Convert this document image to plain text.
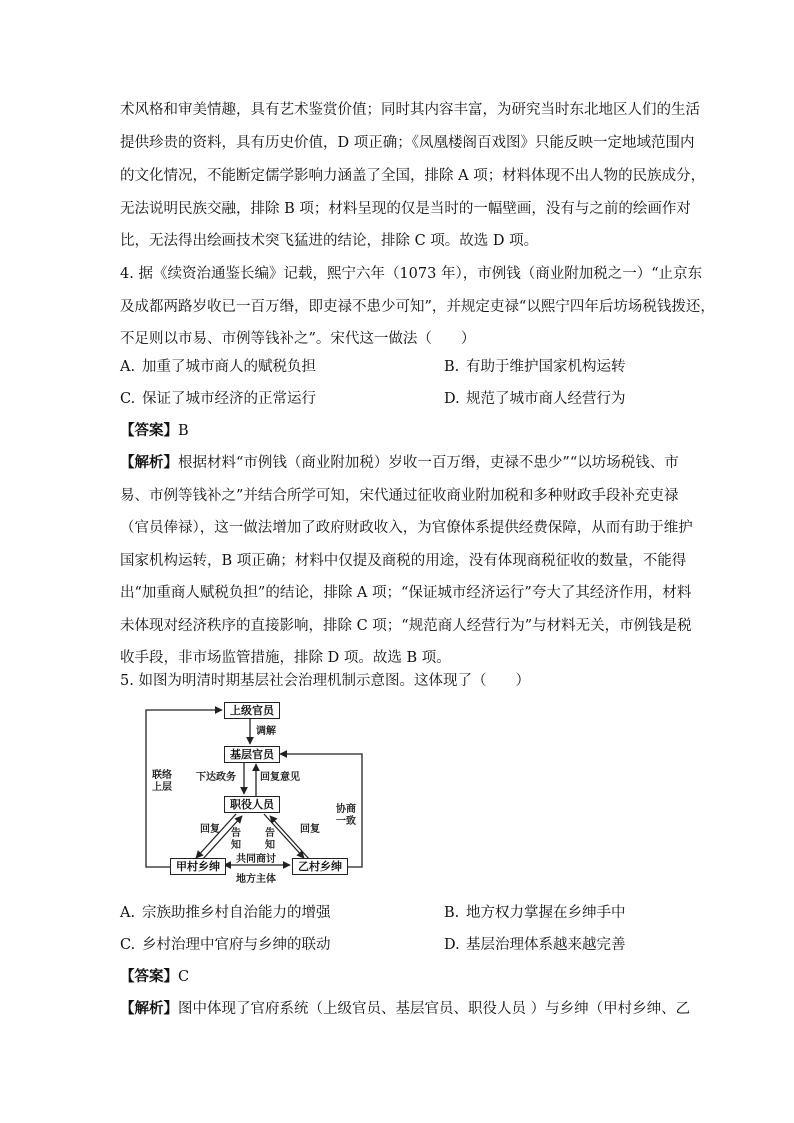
术风格和审美情趣，具有艺术鉴赏价值；同时其内容丰富，为研究当时东北地区人们的生活
提供珍贵的资料，具有历史价值，D 项正确；《凤凰楼阁百戏图》只能反映一定地域范围内
的文化情况，不能断定儒学影响力涵盖了全国，排除 A 项；材料体现不出人物的民族成分，
无法说明民族交融，排除 B 项；材料呈现的仅是当时的一幅壁画，没有与之前的绘画作对
比，无法得出绘画技术突飞猛进的结论，排除 C 项。故选 D 项。
4. 据《续资治通鉴长编》记载，熙宁六年（1073 年），市例钱（商业附加税之一）“止京东
及成都两路岁收已一百万缗，即吏禄不患少可知”，并规定吏禄“以熙宁四年后坊场税钱拨还，
不足则以市易、市例等钱补之”。宋代这一做法（　　）
A. 加重了城市商人的赋税负担	B. 有助于维护国家机构运转
C. 保证了城市经济的正常运行	D. 规范了城市商人经营行为
【答案】B
【解析】根据材料“市例钱（商业附加税）岁收一百万缗，吏禄不患少”“以坊场税钱、市
易、市例等钱补之”并结合所学可知，宋代通过征收商业附加税和多种财政手段补充吏禄
（官员俸禄），这一做法增加了政府财政收入，为官僚体系提供经费保障，从而有助于维护
国家机构运转，B 项正确；材料中仅提及商税的用途，没有体现商税征收的数量，不能得
出“加重商人赋税负担”的结论，排除 A 项；“保证城市经济运行”夸大了其经济作用，材料
未体现对经济秩序的直接影响，排除 C 项；“规范商人经营行为”与材料无关，市例钱是税
收手段，非市场监管措施，排除 D 项。故选 B 项。
5. 如图为明清时期基层社会治理机制示意图。这体现了（　　）
上级官员
基层官员
职役人员
甲村乡绅	乙村乡绅
调解
下达政务 回复意见
联络上层
协商一致
回复 告知
告知
回复
共同商讨
地方主体
A. 宗族助推乡村自治能力的增强	B. 地方权力掌握在乡绅手中
C. 乡村治理中官府与乡绅的联动	D. 基层治理体系越来越完善
【答案】C
【解析】图中体现了官府系统（上级官员、基层官员、职役人员 ）与乡绅（甲村乡绅、乙
